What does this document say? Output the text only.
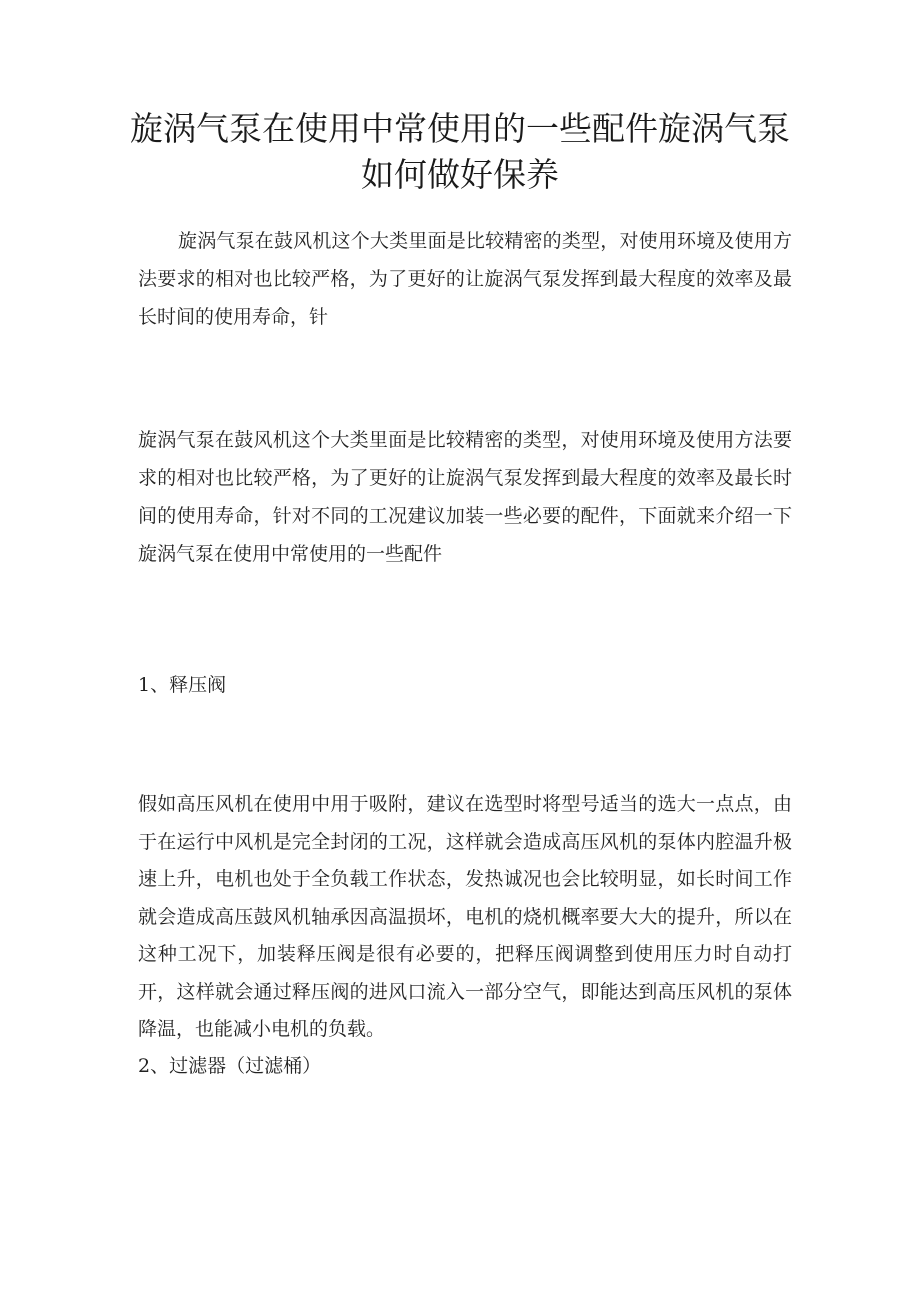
旋涡气泵在使用中常使用的一些配件旋涡气泵如何做好保养

旋涡气泵在鼓风机这个大类里面是比较精密的类型，对使用环境及使用方法要求的相对也比较严格，为了更好的让旋涡气泵发挥到最大程度的效率及最长时间的使用寿命，针

旋涡气泵在鼓风机这个大类里面是比较精密的类型，对使用环境及使用方法要求的相对也比较严格，为了更好的让旋涡气泵发挥到最大程度的效率及最长时间的使用寿命，针对不同的工况建议加装一些必要的配件，下面就来介绍一下旋涡气泵在使用中常使用的一些配件

1、释压阀

假如高压风机在使用中用于吸附，建议在选型时将型号适当的选大一点点，由于在运行中风机是完全封闭的工况，这样就会造成高压风机的泵体内腔温升极速上升，电机也处于全负载工作状态，发热诚况也会比较明显，如长时间工作就会造成高压鼓风机轴承因高温损坏，电机的烧机概率要大大的提升，所以在这种工况下，加装释压阀是很有必要的，把释压阀调整到使用压力时自动打开，这样就会通过释压阀的进风口流入一部分空气，即能达到高压风机的泵体降温，也能减小电机的负载。

2、过滤器（过滤桶）
